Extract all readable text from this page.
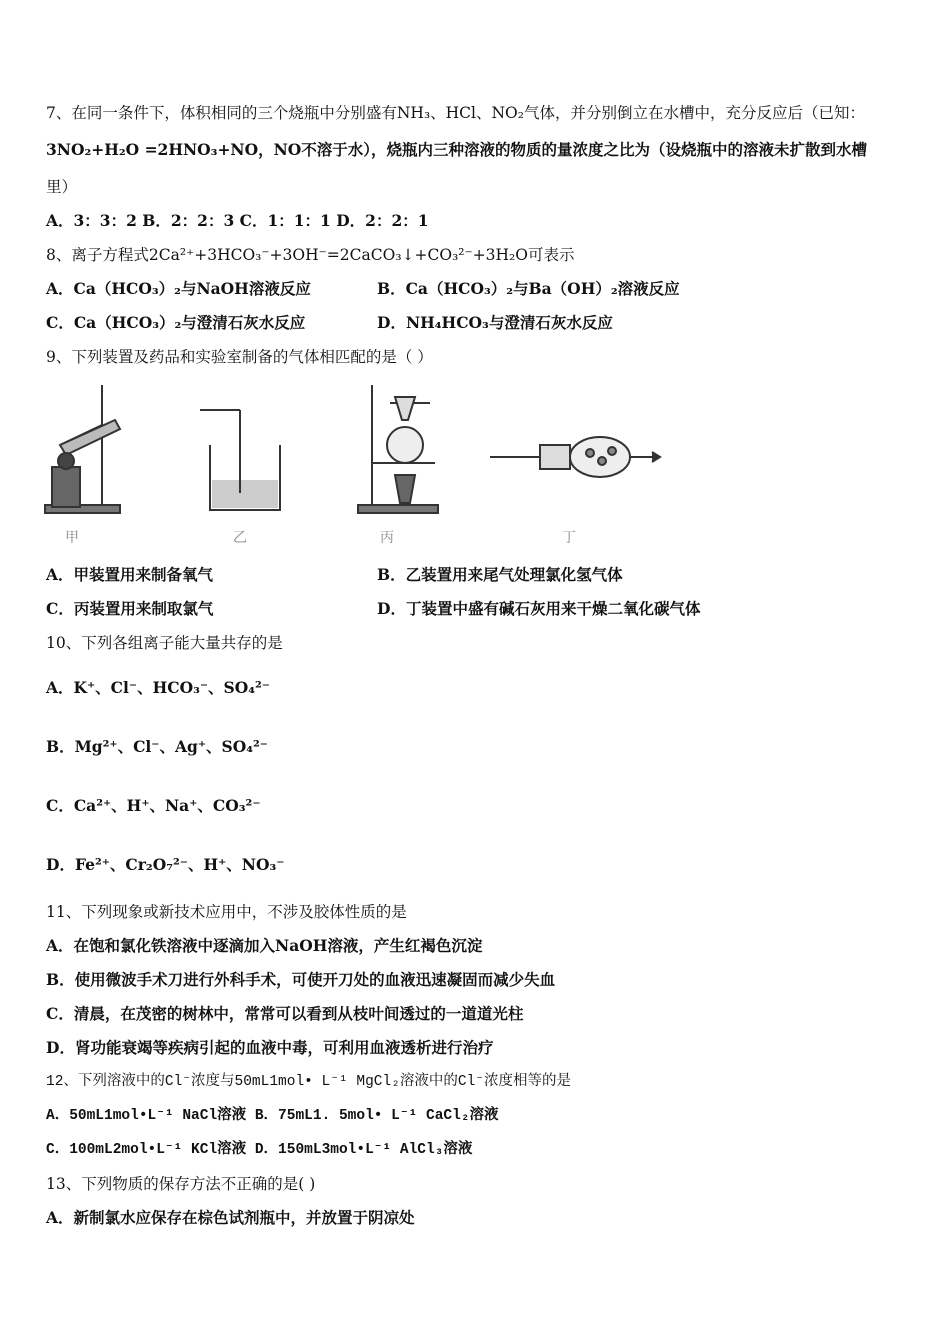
7、在同一条件下，体积相同的三个烧瓶中分别盛有NH₃、HCl、NO₂气体，并分别倒立在水槽中，充分反应后（已知：
3NO₂+H₂O =2HNO₃+NO，NO不溶于水），烧瓶内三种溶液的物质的量浓度之比为（设烧瓶中的溶液未扩散到水槽
里）
A．3：3：2 B．2：2：3 C．1：1：1 D．2：2：1
8、离子方程式2Ca²⁺+3HCO₃⁻+3OH⁻=2CaCO₃↓+CO₃²⁻+3H₂O可表示
A．Ca（HCO₃）₂与NaOH溶液反应	B．Ca（HCO₃）₂与Ba（OH）₂溶液反应
C．Ca（HCO₃）₂与澄清石灰水反应	D．NH₄HCO₃与澄清石灰水反应
9、下列装置及药品和实验室制备的气体相匹配的是（ ）
甲	乙	丙	丁
A．甲装置用来制备氧气	B．乙装置用来尾气处理氯化氢气体
C．丙装置用来制取氯气	D．丁装置中盛有碱石灰用来干燥二氧化碳气体
10、下列各组离子能大量共存的是
A．K⁺、Cl⁻、HCO₃⁻、SO₄²⁻
B．Mg²⁺、Cl⁻、Ag⁺、SO₄²⁻
C．Ca²⁺、H⁺、Na⁺、CO₃²⁻
D．Fe²⁺、Cr₂O₇²⁻、H⁺、NO₃⁻
11、下列现象或新技术应用中，不涉及胶体性质的是
A．在饱和氯化铁溶液中逐滴加入NaOH溶液，产生红褐色沉淀
B．使用微波手术刀进行外科手术，可使开刀处的血液迅速凝固而减少失血
C．清晨，在茂密的树林中，常常可以看到从枝叶间透过的一道道光柱
D．肾功能衰竭等疾病引起的血液中毒，可利用血液透析进行治疗
12、下列溶液中的Cl⁻浓度与50mL1mol• L⁻¹ MgCl₂溶液中的Cl⁻浓度相等的是
A．50mL1mol•L⁻¹ NaCl溶液 B．75mL1. 5mol• L⁻¹ CaCl₂溶液
C．100mL2mol•L⁻¹ KCl溶液 D．150mL3mol•L⁻¹ AlCl₃溶液
13、下列物质的保存方法不正确的是( )
A．新制氯水应保存在棕色试剂瓶中，并放置于阴凉处
